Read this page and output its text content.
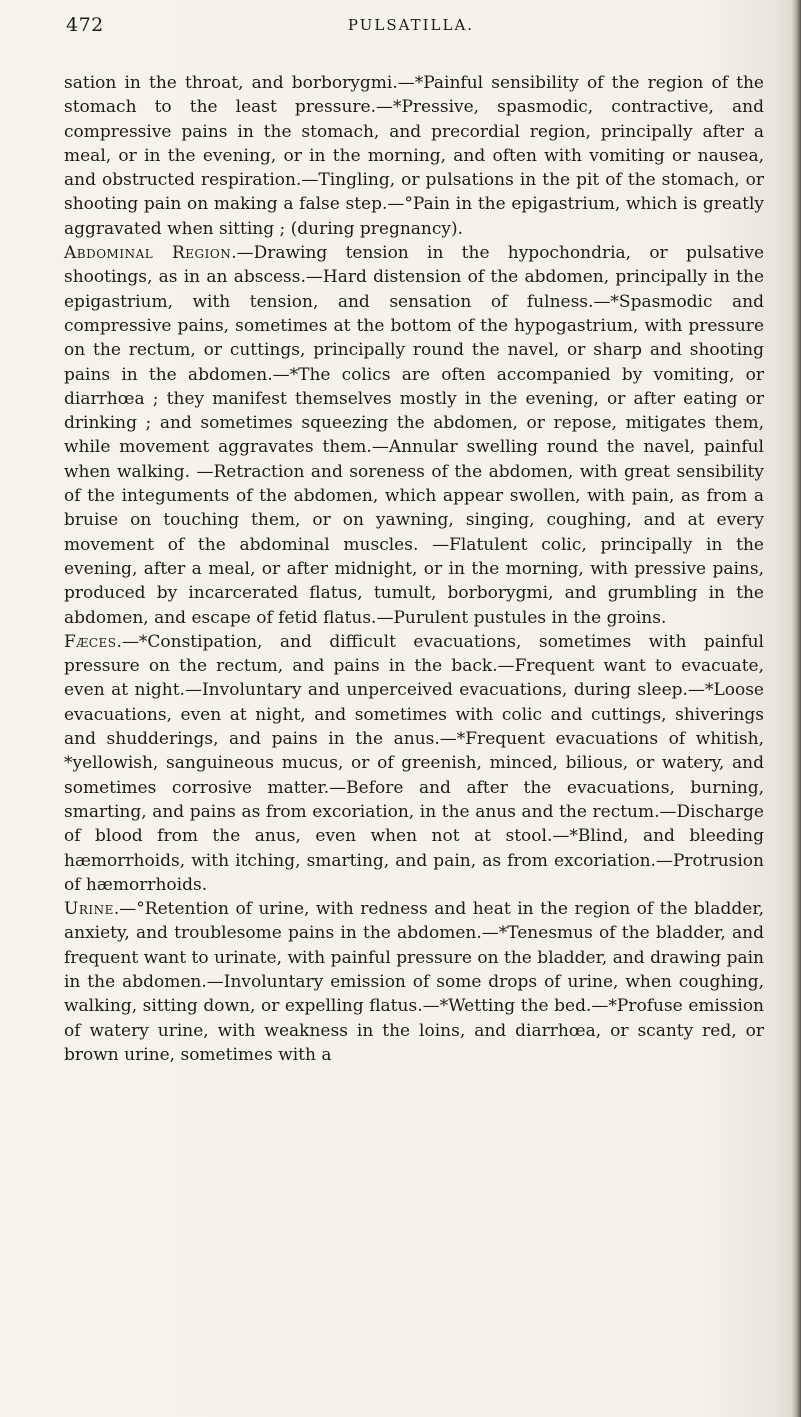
472	PULSATILLA.

sation in the throat, and borborygmi.—*Painful sensibility of the region of the stomach to the least pressure.—*Pressive, spasmodic, contractive, and compressive pains in the stomach, and precordial region, principally after a meal, or in the evening, or in the morning, and often with vomiting or nausea, and obstructed respiration.—Tingling, or pulsations in the pit of the stomach, or shooting pain on making a false step.—°Pain in the epigastrium, which is greatly aggravated when sitting ; (during pregnancy).

Abdominal Region.—Drawing tension in the hypochondria, or pulsative shootings, as in an abscess.—Hard distension of the abdomen, principally in the epigastrium, with tension, and sensation of fulness.—*Spasmodic and compressive pains, sometimes at the bottom of the hypogastrium, with pressure on the rectum, or cuttings, principally round the navel, or sharp and shooting pains in the abdomen.—*The colics are often accompanied by vomiting, or diarrhœa ; they manifest themselves mostly in the evening, or after eating or drinking ; and sometimes squeezing the abdomen, or repose, mitigates them, while movement aggravates them.—Annular swelling round the navel, painful when walking. —Retraction and soreness of the abdomen, with great sensibility of the integuments of the abdomen, which appear swollen, with pain, as from a bruise on touching them, or on yawning, singing, coughing, and at every movement of the abdominal muscles. —Flatulent colic, principally in the evening, after a meal, or after midnight, or in the morning, with pressive pains, produced by incarcerated flatus, tumult, borborygmi, and grumbling in the abdomen, and escape of fetid flatus.—Purulent pustules in the groins.

Fæces.—*Constipation, and difficult evacuations, sometimes with painful pressure on the rectum, and pains in the back.—Frequent want to evacuate, even at night.—Involuntary and unperceived evacuations, during sleep.—*Loose evacuations, even at night, and sometimes with colic and cuttings, shiverings and shudderings, and pains in the anus.—*Frequent evacuations of whitish, *yellowish, sanguineous mucus, or of greenish, minced, bilious, or watery, and sometimes corrosive matter.—Before and after the evacuations, burning, smarting, and pains as from excoriation, in the anus and the rectum.—Discharge of blood from the anus, even when not at stool.—*Blind, and bleeding hæmorrhoids, with itching, smarting, and pain, as from excoriation.—Protrusion of hæmorrhoids.

Urine.—°Retention of urine, with redness and heat in the region of the bladder, anxiety, and troublesome pains in the abdomen.—*Tenesmus of the bladder, and frequent want to urinate, with painful pressure on the bladder, and drawing pain in the abdomen.—Involuntary emission of some drops of urine, when coughing, walking, sitting down, or expelling flatus.—*Wetting the bed.—*Profuse emission of watery urine, with weakness in the loins, and diarrhœa, or scanty red, or brown urine, sometimes with a
